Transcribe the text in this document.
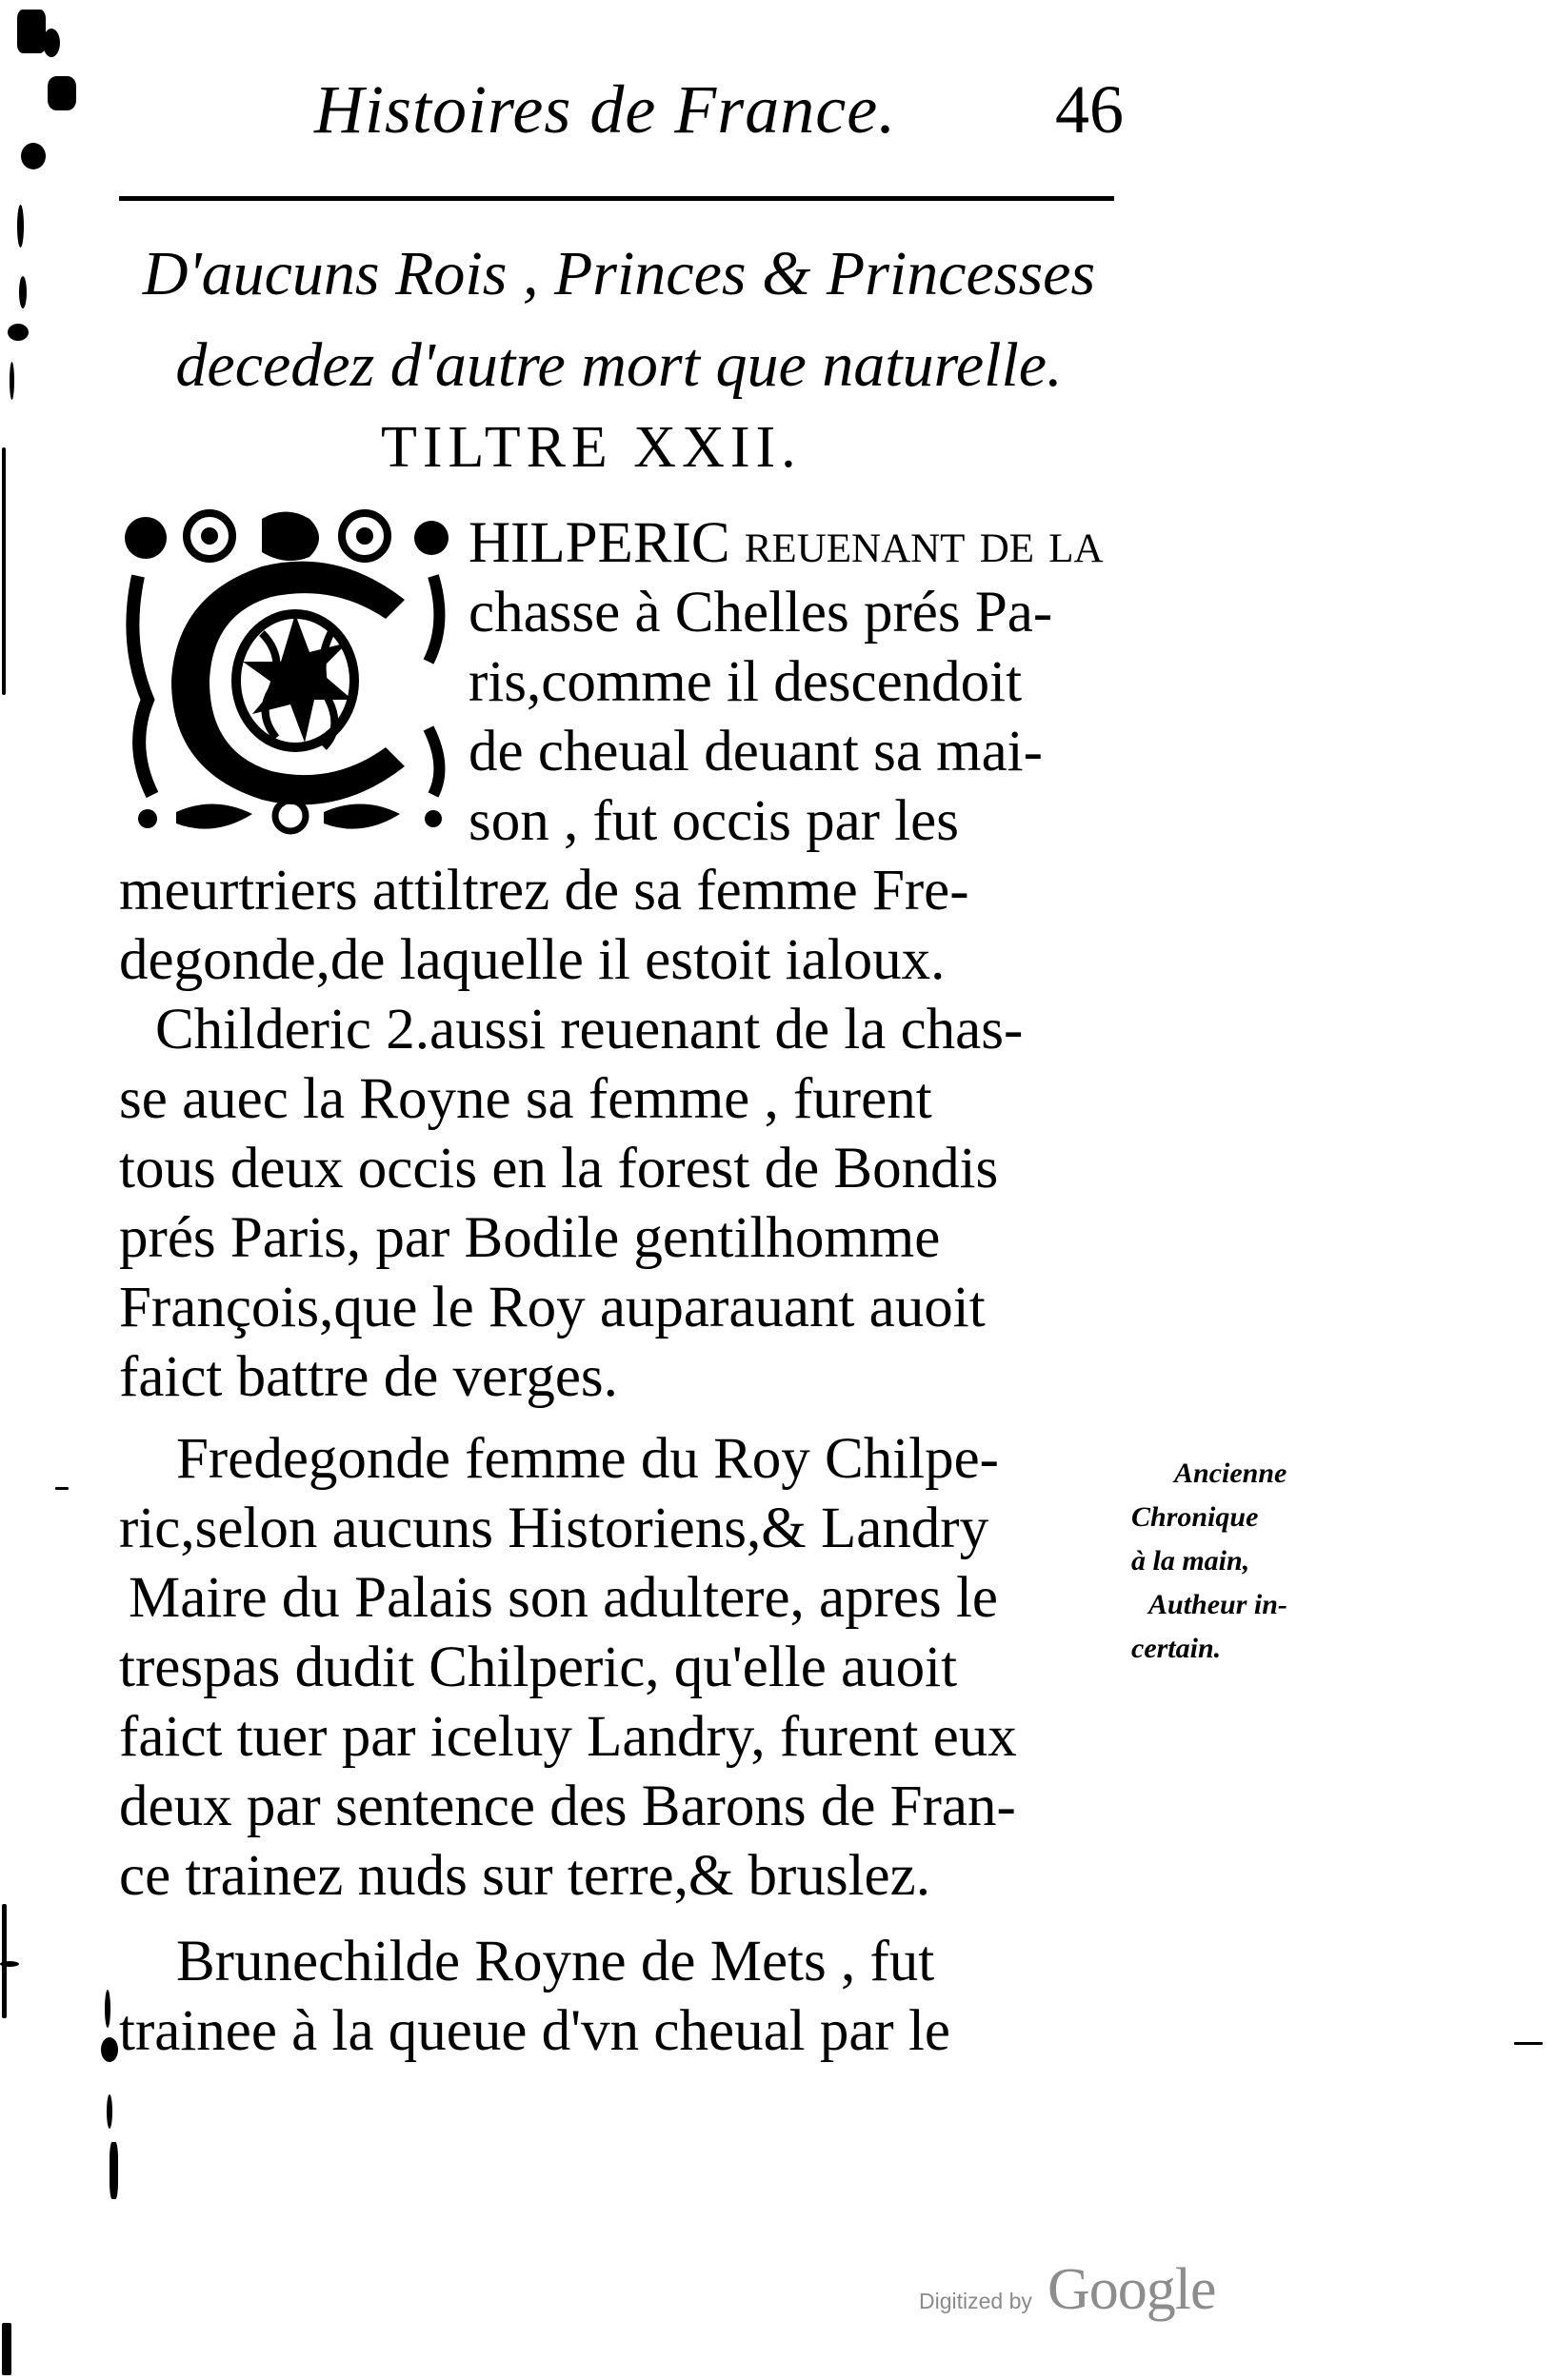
Histoires de France. 46
D'aucuns Rois , Princes & Princesses
decedez d'autre mort que naturelle.
TILTRE XXII.
HILPERIC reuenant de la
chasse à Chelles prés Pa-
ris,comme il descendoit
de cheual deuant sa mai-
son , fut occis par les
meurtriers attiltrez de sa femme Fre-
degonde,de laquelle il estoit ialoux.
Childeric 2.aussi reuenant de la chas-
se auec la Royne sa femme , furent
tous deux occis en la forest de Bondis
prés Paris, par Bodile gentilhomme
François,que le Roy auparauant auoit
faict battre de verges.
Fredegonde femme du Roy Chilpe-
ric,selon aucuns Historiens,& Landry
Maire du Palais son adultere, apres le
trespas dudit Chilperic, qu'elle auoit
faict tuer par iceluy Landry, furent eux
deux par sentence des Barons de Fran-
ce trainez nuds sur terre,& bruslez.
Brunechilde Royne de Mets , fut
trainee à la queue d'vn cheual par le
Ancienne
Chronique
à la main,
Autheur in-
certain.
Digitized by Google
